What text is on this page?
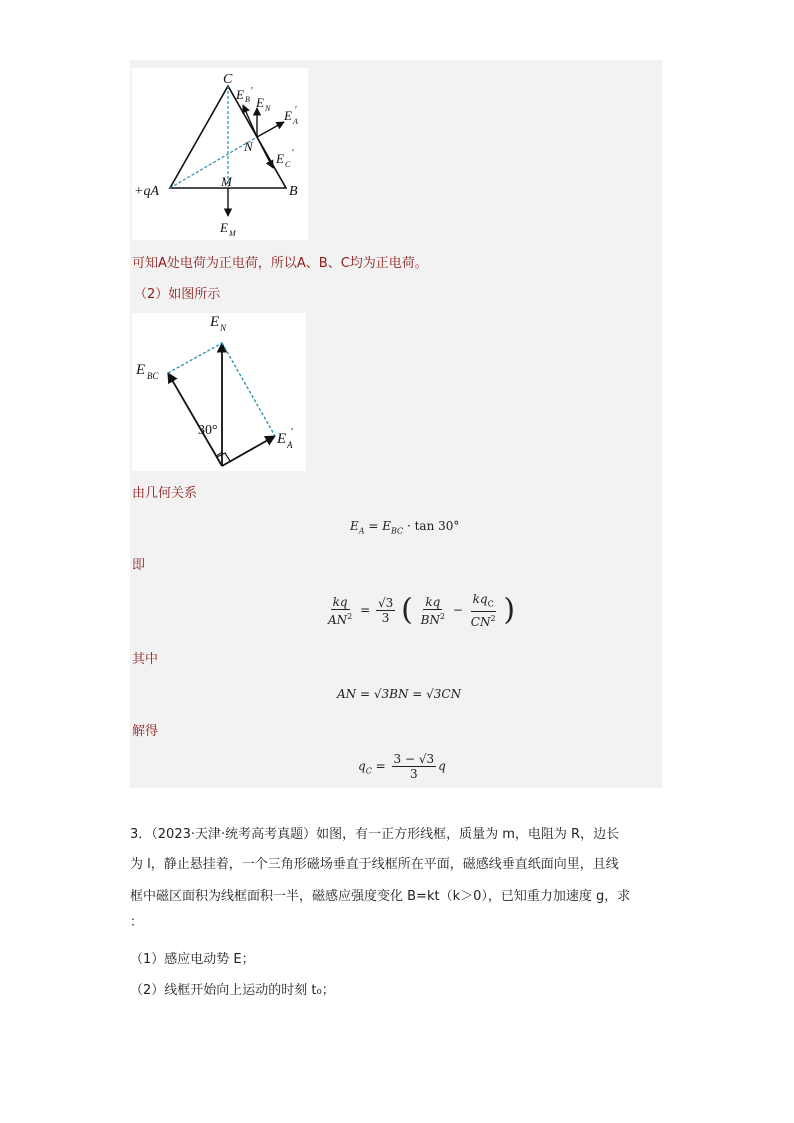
C
B
+qA
M
N
E B
′
E N E A
′
E C
′
E M
可知A处电荷为正电荷，所以A、B、C均为正电荷。
（2）如图所示
E N
E BC
E A
′
30°
由几何关系
$E_A = E_{BC} \cdot \tan 30^\circ$
即
$\frac{kq}{AN^2} = \frac{√3}{3}$ ( $\frac{kq}{BN^2} - \frac{kq_C}{CN^2}$ )
其中
AN = √3BN = √3CN
解得
$q_C = \frac{3 - √3}{3}$ q
3．（2023·天津·统考高考真题）如图，有一正方形线框，质量为 m，电阻为 R，边长
为 l，静止悬挂着，一个三角形磁场垂直于线框所在平面，磁感线垂直纸面向里，且线
框中磁区面积为线框面积一半，磁感应强度变化 B=kt（k＞0），已知重力加速度 g，求
：
（1）感应电动势 E；
（2）线框开始向上运动的时刻 t₀；
